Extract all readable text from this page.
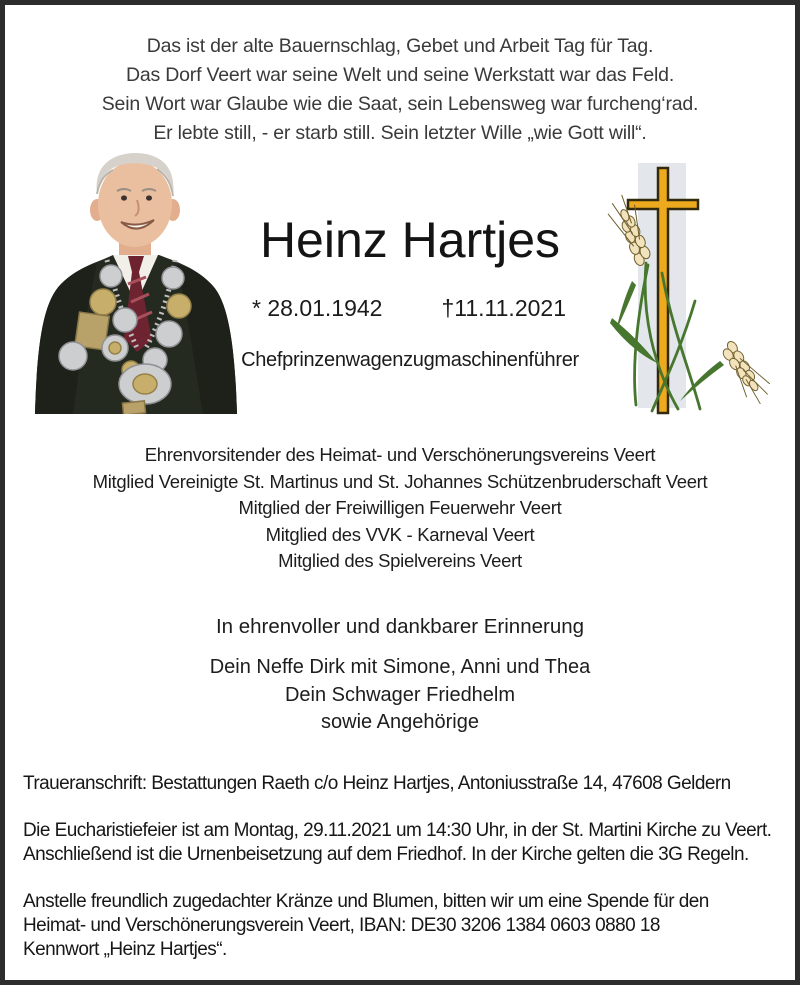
Das ist der alte Bauernschlag, Gebet und Arbeit Tag für Tag.
Das Dorf Veert war seine Welt und seine Werkstatt war das Feld.
Sein Wort war Glaube wie die Saat, sein Lebensweg war furcheng‘rad.
Er lebte still, - er starb still. Sein letzter Wille „wie Gott will“.
Heinz Hartjes
* 28.01.1942	†11.11.2021
Chefprinzenwagenzugmaschinenführer
Ehrenvorsitender des Heimat- und Verschönerungsvereins Veert
Mitglied Vereinigte St. Martinus und St. Johannes Schützenbruderschaft Veert
Mitglied der Freiwilligen Feuerwehr Veert
Mitglied des VVK - Karneval Veert
Mitglied des Spielvereins Veert
In ehrenvoller und dankbarer Erinnerung
Dein Neffe Dirk mit Simone, Anni und Thea
Dein Schwager Friedhelm
sowie Angehörige
Traueranschrift: Bestattungen Raeth c/o Heinz Hartjes, Antoniusstraße 14, 47608 Geldern
Die Eucharistiefeier ist am Montag, 29.11.2021 um 14:30 Uhr, in der St. Martini Kirche zu Veert.
Anschließend ist die Urnenbeisetzung auf dem Friedhof. In der Kirche gelten die 3G Regeln.
Anstelle freundlich zugedachter Kränze und Blumen, bitten wir um eine Spende für den
Heimat- und Verschönerungsverein Veert, IBAN: DE30 3206 1384 0603 0880 18
Kennwort „Heinz Hartjes“.
